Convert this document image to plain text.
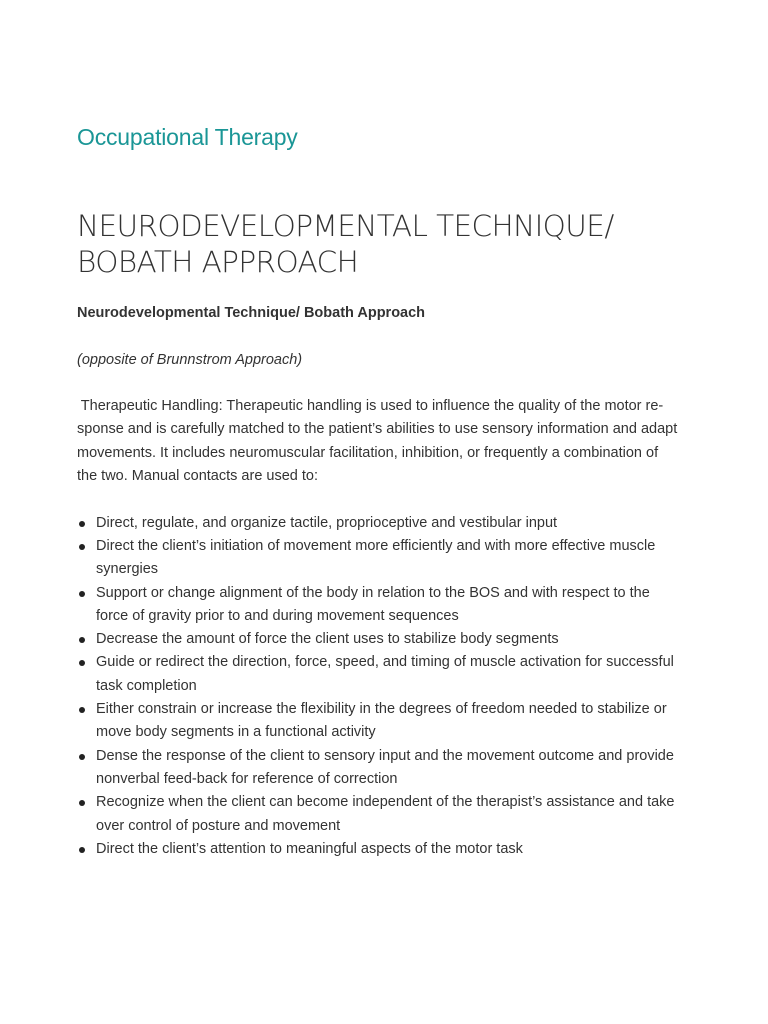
Occupational Therapy
NEURODEVELOPMENTAL TECHNIQUE/
BOBATH APPROACH

Neurodevelopmental Technique/ Bobath Approach

(opposite of Brunnstrom Approach)

Therapeutic Handling: Therapeutic handling is used to influence the quality of the motor re-
sponse and is carefully matched to the patient’s abilities to use sensory information and adapt
movements. It includes neuromuscular facilitation, inhibition, or frequently a combination of
the two. Manual contacts are used to:

Direct, regulate, and organize tactile, proprioceptive and vestibular input
Direct the client’s initiation of movement more efficiently and with more effective muscle
synergies
Support or change alignment of the body in relation to the BOS and with respect to the
force of gravity prior to and during movement sequences
Decrease the amount of force the client uses to stabilize body segments
Guide or redirect the direction, force, speed, and timing of muscle activation for successful
task completion
Either constrain or increase the flexibility in the degrees of freedom needed to stabilize or
move body segments in a functional activity
Dense the response of the client to sensory input and the movement outcome and provide
nonverbal feed-back for reference of correction
Recognize when the client can become independent of the therapist’s assistance and take
over control of posture and movement
Direct the client’s attention to meaningful aspects of the motor task
